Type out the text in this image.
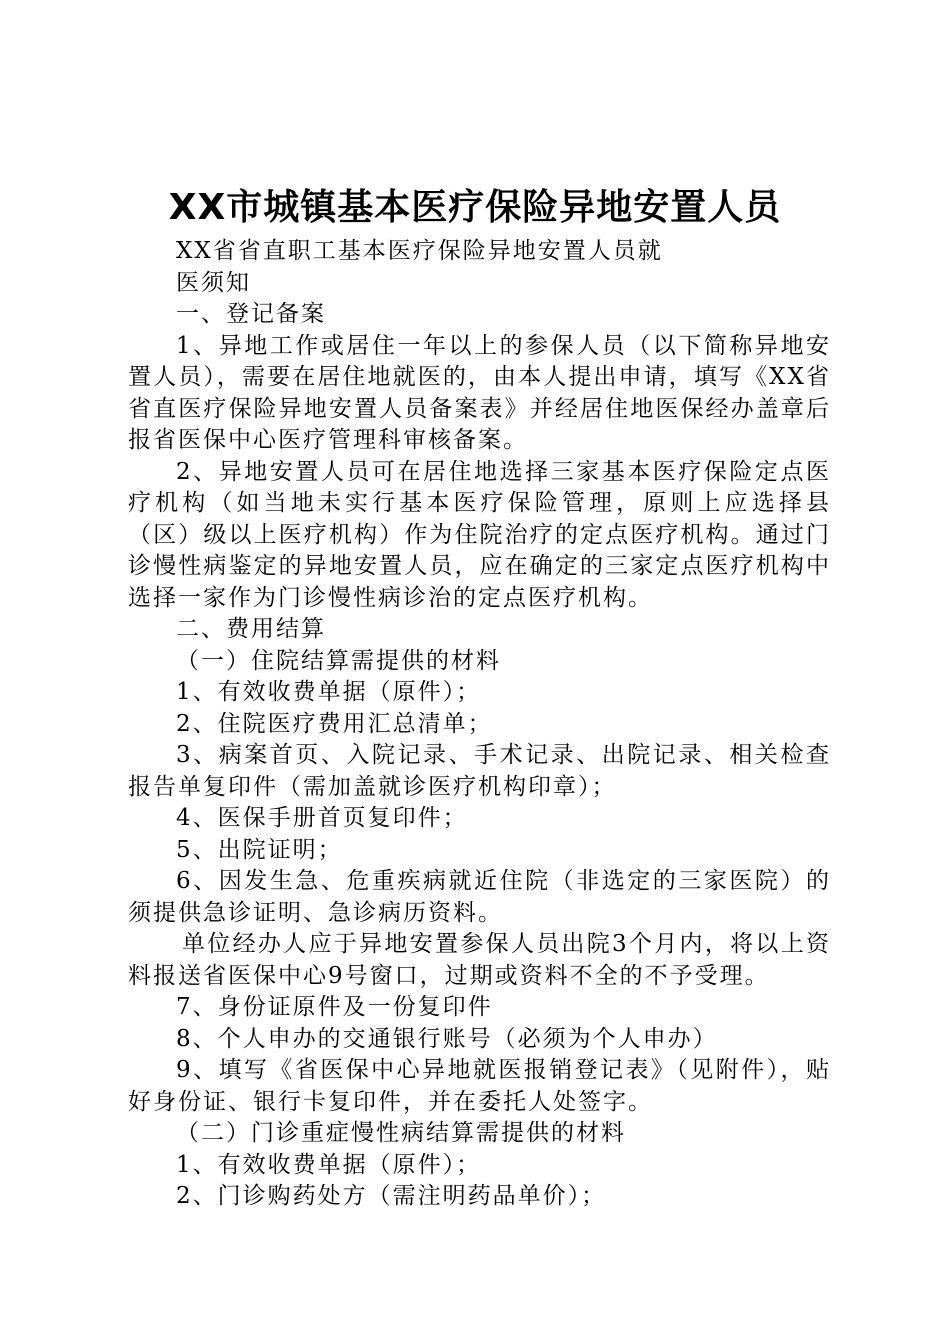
XX市城镇基本医疗保险异地安置人员
XX省省直职工基本医疗保险异地安置人员就
医须知
一、登记备案
1、异地工作或居住一年以上的参保人员（以下简称异地安置人员），需要在居住地就医的，由本人提出申请，填写《XX省省直医疗保险异地安置人员备案表》并经居住地医保经办盖章后报省医保中心医疗管理科审核备案。
2、异地安置人员可在居住地选择三家基本医疗保险定点医疗机构（如当地未实行基本医疗保险管理，原则上应选择县（区）级以上医疗机构）作为住院治疗的定点医疗机构。通过门诊慢性病鉴定的异地安置人员，应在确定的三家定点医疗机构中选择一家作为门诊慢性病诊治的定点医疗机构。
二、费用结算
（一）住院结算需提供的材料
1、有效收费单据（原件）；
2、住院医疗费用汇总清单；
3、病案首页、入院记录、手术记录、出院记录、相关检查报告单复印件（需加盖就诊医疗机构印章）；
4、医保手册首页复印件；
5、出院证明；
6、因发生急、危重疾病就近住院（非选定的三家医院）的须提供急诊证明、急诊病历资料。
单位经办人应于异地安置参保人员出院3个月内，将以上资料报送省医保中心9号窗口，过期或资料不全的不予受理。
7、身份证原件及一份复印件
8、个人申办的交通银行账号（必须为个人申办）
9、填写《省医保中心异地就医报销登记表》（见附件），贴好身份证、银行卡复印件，并在委托人处签字。
（二）门诊重症慢性病结算需提供的材料
1、有效收费单据（原件）；
2、门诊购药处方（需注明药品单价）；
